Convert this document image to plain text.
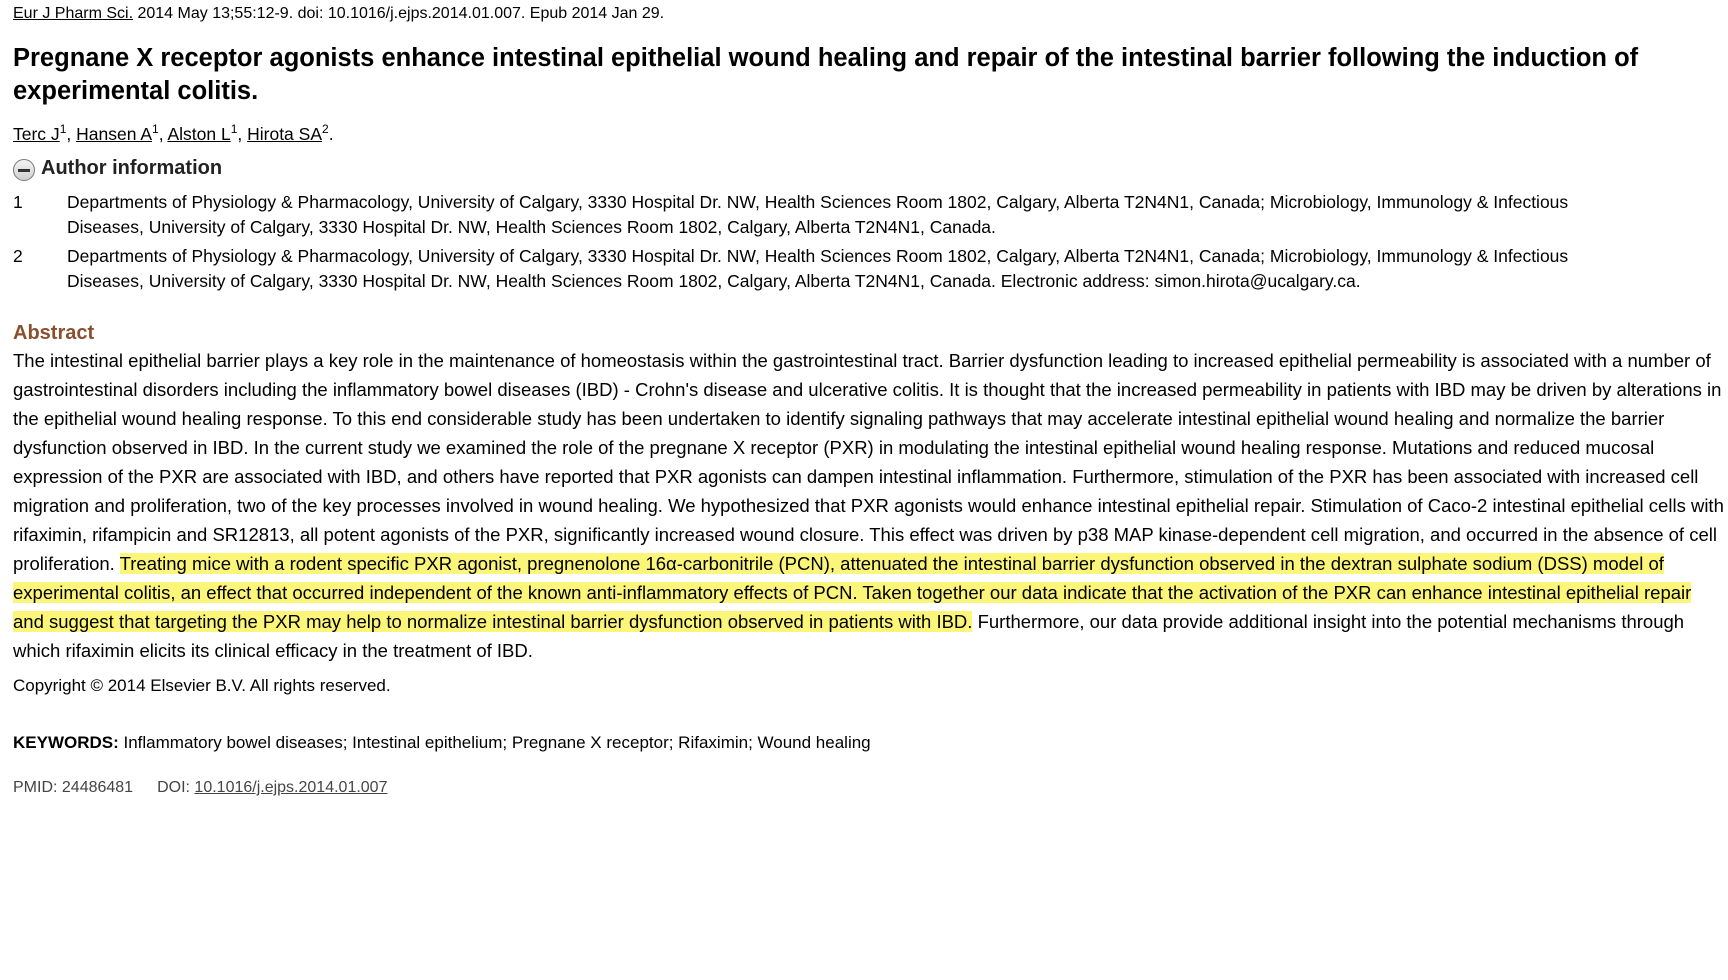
Eur J Pharm Sci. 2014 May 13;55:12-9. doi: 10.1016/j.ejps.2014.01.007. Epub 2014 Jan 29.
Pregnane X receptor agonists enhance intestinal epithelial wound healing and repair of the intestinal barrier following the induction of experimental colitis.
Terc $J^1$, Hansen $A^1$, Alston $L^1$, Hirota $SA^2$.
Author information
1	Departments of Physiology & Pharmacology, University of Calgary, 3330 Hospital Dr. NW, Health Sciences Room 1802, Calgary, Alberta T2N4N1, Canada; Microbiology, Immunology & Infectious Diseases, University of Calgary, 3330 Hospital Dr. NW, Health Sciences Room 1802, Calgary, Alberta T2N4N1, Canada.
2	Departments of Physiology & Pharmacology, University of Calgary, 3330 Hospital Dr. NW, Health Sciences Room 1802, Calgary, Alberta T2N4N1, Canada; Microbiology, Immunology & Infectious Diseases, University of Calgary, 3330 Hospital Dr. NW, Health Sciences Room 1802, Calgary, Alberta T2N4N1, Canada. Electronic address: simon.hirota@ucalgary.ca.
Abstract

The intestinal epithelial barrier plays a key role in the maintenance of homeostasis within the gastrointestinal tract. Barrier dysfunction leading to increased epithelial permeability is associated with a number of gastrointestinal disorders including the inflammatory bowel diseases (IBD) - Crohn's disease and ulcerative colitis. It is thought that the increased permeability in patients with IBD may be driven by alterations in the epithelial wound healing response. To this end considerable study has been undertaken to identify signaling pathways that may accelerate intestinal epithelial wound healing and normalize the barrier dysfunction observed in IBD. In the current study we examined the role of the pregnane X receptor (PXR) in modulating the intestinal epithelial wound healing response. Mutations and reduced mucosal expression of the PXR are associated with IBD, and others have reported that PXR agonists can dampen intestinal inflammation. Furthermore, stimulation of the PXR has been associated with increased cell migration and proliferation, two of the key processes involved in wound healing. We hypothesized that PXR agonists would enhance intestinal epithelial repair. Stimulation of Caco-2 intestinal epithelial cells with rifaximin, rifampicin and SR12813, all potent agonists of the PXR, significantly increased wound closure. This effect was driven by p38 MAP kinase-dependent cell migration, and occurred in the absence of cell proliferation. Treating mice with a rodent specific PXR agonist, pregnenolone 16α-carbonitrile (PCN), attenuated the intestinal barrier dysfunction observed in the dextran sulphate sodium (DSS) model of experimental colitis, an effect that occurred independent of the known anti-inflammatory effects of PCN. Taken together our data indicate that the activation of the PXR can enhance intestinal epithelial repair and suggest that targeting the PXR may help to normalize intestinal barrier dysfunction observed in patients with IBD. Furthermore, our data provide additional insight into the potential mechanisms through which rifaximin elicits its clinical efficacy in the treatment of IBD.

Copyright © 2014 Elsevier B.V. All rights reserved.

KEYWORDS: Inflammatory bowel diseases; Intestinal epithelium; Pregnane X receptor; Rifaximin; Wound healing

PMID: 24486481 DOI: 10.1016/j.ejps.2014.01.007
